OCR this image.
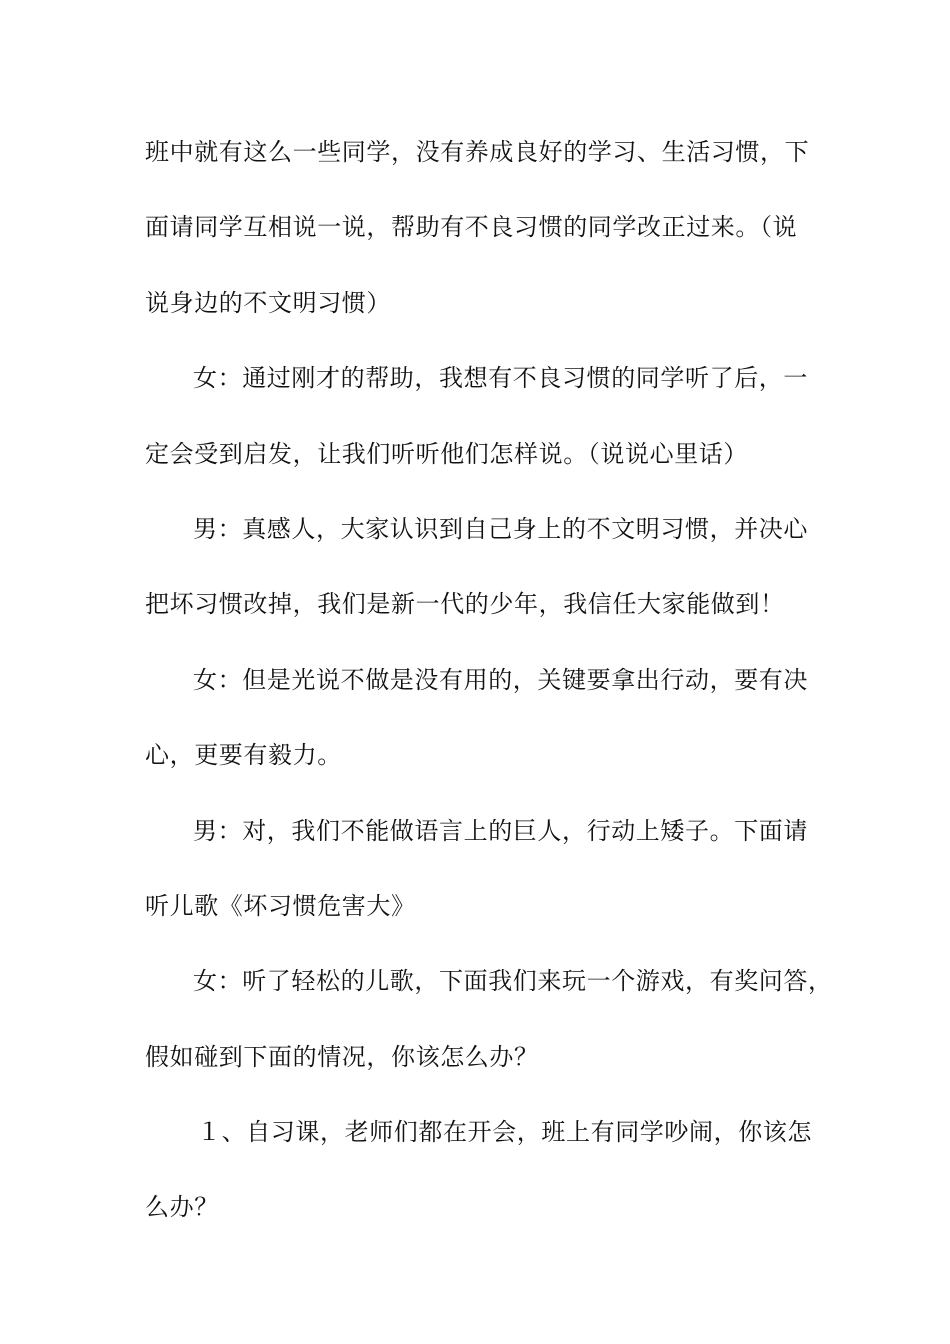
班中就有这么一些同学，没有养成良好的学习、生活习惯，下
面请同学互相说一说，帮助有不良习惯的同学改正过来。（说
说身边的不文明习惯）
女：通过刚才的帮助，我想有不良习惯的同学听了后，一
定会受到启发，让我们听听他们怎样说。（说说心里话）
男：真感人，大家认识到自己身上的不文明习惯，并决心
把坏习惯改掉，我们是新一代的少年，我信任大家能做到！
女：但是光说不做是没有用的，关键要拿出行动，要有决
心，更要有毅力。
男：对，我们不能做语言上的巨人，行动上矮子。下面请
听儿歌《坏习惯危害大》
女：听了轻松的儿歌，下面我们来玩一个游戏，有奖问答，
假如碰到下面的情况，你该怎么办？
１、自习课，老师们都在开会，班上有同学吵闹，你该怎
么办？
